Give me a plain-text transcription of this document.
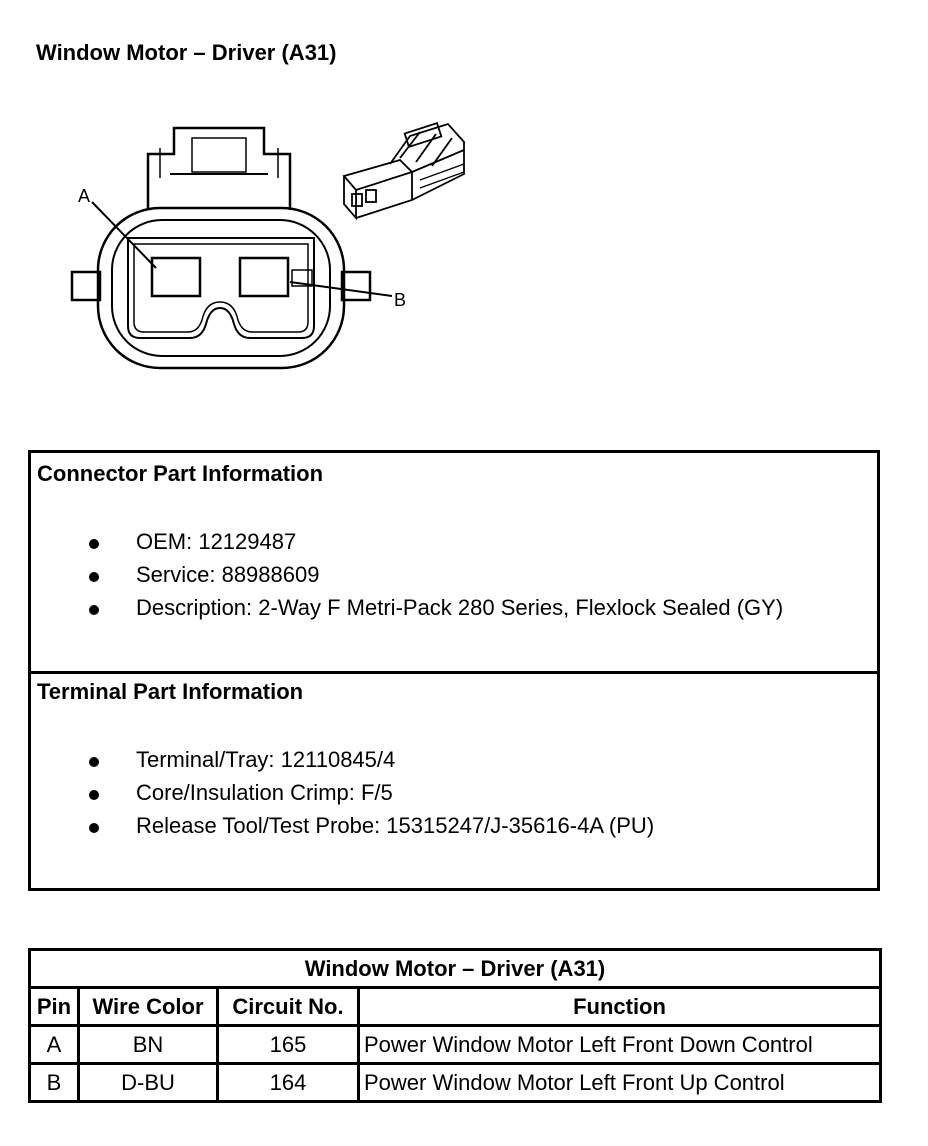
Window Motor – Driver (A31)
A
B
Connector Part Information
OEM: 12129487
Service: 88988609
Description: 2-Way F Metri-Pack 280 Series, Flexlock Sealed (GY)
Terminal Part Information
Terminal/Tray: 12110845/4
Core/Insulation Crimp: F/5
Release Tool/Test Probe: 15315247/J-35616-4A (PU)
Window Motor – Driver (A31)			
Pin	Wire Color	Circuit No.	Function
A	BN	165	Power Window Motor Left Front Down Control
B	D-BU	164	Power Window Motor Left Front Up Control
